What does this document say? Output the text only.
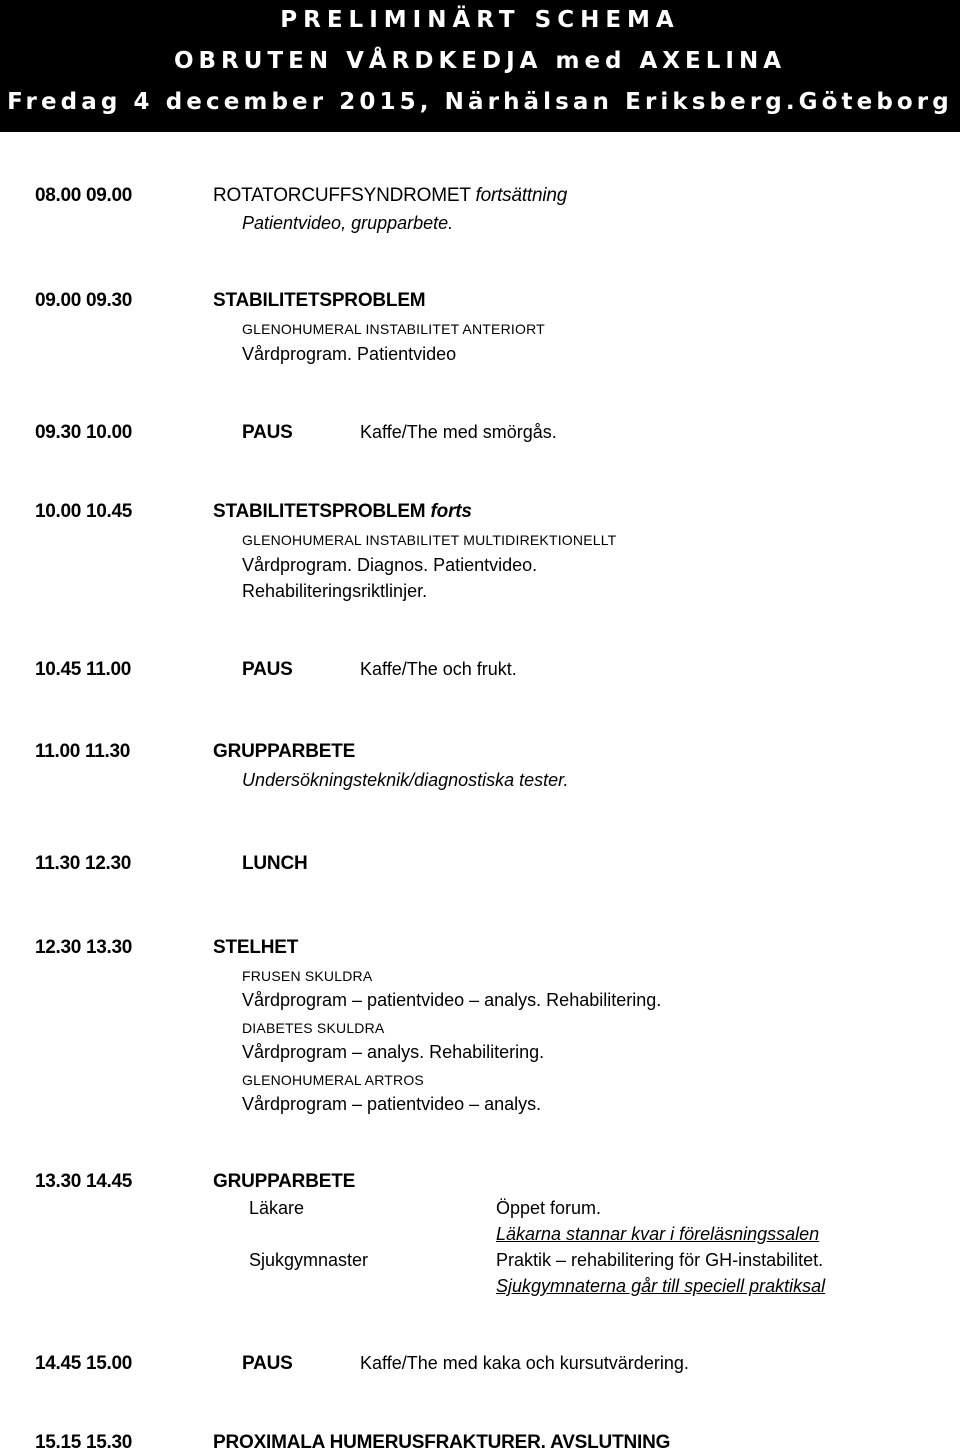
PRELIMINÄRT SCHEMA
OBRUTEN VÅRDKEDJA med AXELINA
Fredag 4 december 2015, Närhälsan Eriksberg.Göteborg
08.00 09.00	ROTATORCUFFSYNDROMET fortsättning
Patientvideo, grupparbete.
09.00 09.30	STABILITETSPROBLEM
GLENOHUMERAL INSTABILITET ANTERIORT
Vårdprogram. Patientvideo
09.30 10.00	PAUS	Kaffe/The med smörgås.
10.00 10.45	STABILITETSPROBLEM forts
GLENOHUMERAL INSTABILITET MULTIDIREKTIONELLT
Vårdprogram. Diagnos. Patientvideo.
Rehabiliteringsriktlinjer.
10.45 11.00	PAUS	Kaffe/The och frukt.
11.00 11.30	GRUPPARBETE
Undersökningsteknik/diagnostiska tester.
11.30 12.30	LUNCH
12.30 13.30	STELHET
FRUSEN SKULDRA
Vårdprogram – patientvideo – analys. Rehabilitering.
DIABETES SKULDRA
Vårdprogram – analys. Rehabilitering.
GLENOHUMERAL ARTROS
Vårdprogram – patientvideo – analys.
13.30 14.45	GRUPPARBETE
Läkare	Öppet forum.
Läkarna stannar kvar i föreläsningssalen
Sjukgymnaster	Praktik – rehabilitering för GH-instabilitet.
Sjukgymnaterna går till speciell praktiksal
14.45 15.00	PAUS	Kaffe/The med kaka och kursutvärdering.
15.15 15.30	PROXIMALA HUMERUSFRAKTURER. AVSLUTNING
